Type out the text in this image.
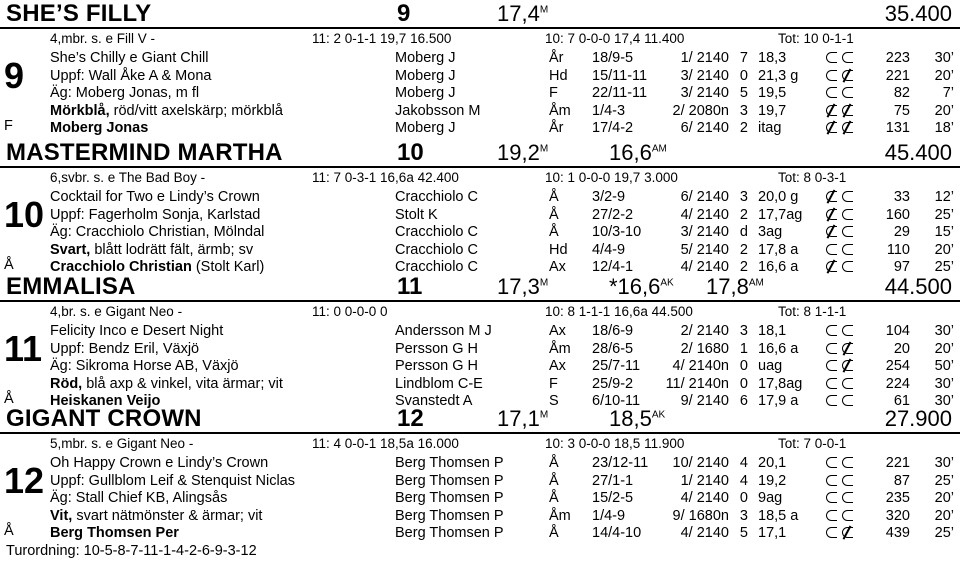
SHE’S FILLY	9	$17,4^M$	35.400
4,mbr. s. e Fill V -	11: 2 0-1-1 19,7 16.500	10: 7 0-0-0 17,4 11.400	Tot: 10 0-1-1
9
F
She’s Chilly e Giant Chill	Moberg J	År 18/9-5	1/ 2140 7 18,3	223 30’
Uppf: Wall Åke A & Mona	Moberg J	Hd 15/11-11 3/ 2140 0 21,3 g	221 20’
Äg: Moberg Jonas, m fl	Moberg J	F 22/11-11 3/ 2140 5 19,5	82 7’
Mörkblå, röd/vitt axelskärp; mörkblå	Jakobsson M	Åm 1/4-3	2/ 2080n 3 19,7	75 20’
Moberg Jonas	Moberg J	År 17/4-2	6/ 2140 2 itag	131 18’
MASTERMIND MARTHA	10	$19,2^M$	$16,6^{AM}$	45.400
6,svbr. s. e The Bad Boy -	11: 7 0-3-1 16,6a 42.400	10: 1 0-0-0 19,7 3.000	Tot: 8 0-3-1
10
Å
Cocktail for Two e Lindy’s Crown	Cracchiolo C	Å 3/2-9	6/ 2140 3 20,0 g	33 12’
Uppf: Fagerholm Sonja, Karlstad	Stolt K	Å 27/2-2	4/ 2140 2 17,7ag	160 25’
Äg: Cracchiolo Christian, Mölndal	Cracchiolo C	Å 10/3-10	3/ 2140 d 3ag	29 15’
Svart, blått lodrätt fält, ärmb; sv	Cracchiolo C	Hd 4/4-9	5/ 2140 2 17,8 a	110 20’
Cracchiolo Christian (Stolt Karl)	Cracchiolo C	Ax 12/4-1	4/ 2140 2 16,6 a	97 25’
EMMALISA	11	$17,3^M$	$*16,6^{AK}$ $17,8^{AM}$	44.500
4,br. s. e Gigant Neo -	11: 0 0-0-0 0	10: 8 1-1-1 16,6a 44.500	Tot: 8 1-1-1
11
Å
Felicity Inco e Desert Night	Andersson M J	Ax 18/6-9	2/ 2140 3 18,1	104 30’
Uppf: Bendz Eril, Växjö	Persson G H	Åm 28/6-5	2/ 1680 1 16,6 a	20 20’
Äg: Sikroma Horse AB, Växjö	Persson G H	Ax 25/7-11 4/ 2140n 0 uag	254 50’
Röd, blå axp & vinkel, vita ärmar; vit	Lindblom C-E	F 25/9-2 11/ 2140n 0 17,8ag	224 30’
Heiskanen Veijo	Svanstedt A	S 6/10-11	9/ 2140 6 17,9 a	61 30’
GIGANT CROWN	12	$17,1^M$	$18,5^{AK}$	27.900
5,mbr. s. e Gigant Neo -	11: 4 0-0-1 18,5a 16.000	10: 3 0-0-0 18,5 11.900	Tot: 7 0-0-1
12
Å
Oh Happy Crown e Lindy’s Crown	Berg Thomsen P	Å 23/12-11 10/ 2140 4 20,1	221 30’
Uppf: Gullblom Leif & Stenquist Niclas	Berg Thomsen P	Å 27/1-1	1/ 2140 4 19,2	87 25’
Äg: Stall Chief KB, Alingsås	Berg Thomsen P	Å 15/2-5	4/ 2140 0 9ag	235 20’
Vit, svart nätmönster & ärmar; vit	Berg Thomsen P	Åm 1/4-9	9/ 1680n 3 18,5 a	320 20’
Berg Thomsen Per	Berg Thomsen P	Å 14/4-10	4/ 2140 5 17,1	439 25’
Turordning: 10-5-8-7-11-1-4-2-6-9-3-12
